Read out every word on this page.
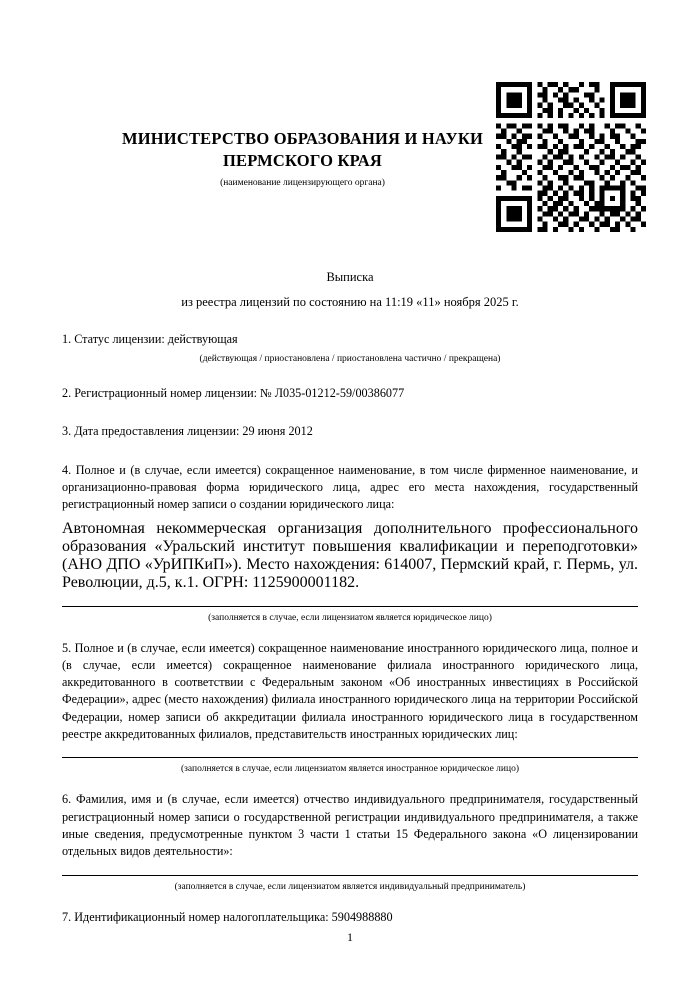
МИНИСТЕРСТВО ОБРАЗОВАНИЯ И НАУКИ
ПЕРМСКОГО КРАЯ
(наименование лицензирующего органа)
Выписка
из реестра лицензий по состоянию на 11:19 «11» ноября 2025 г.
1. Статус лицензии: действующая
(действующая / приостановлена / приостановлена частично / прекращена)
2. Регистрационный номер лицензии: № Л035-01212-59/00386077
3. Дата предоставления лицензии: 29 июня 2012
4. Полное и (в случае, если имеется) сокращенное наименование, в том числе фирменное наименование, и организационно-правовая форма юридического лица, адрес его места нахождения, государственный регистрационный номер записи о создании юридического лица:

Автономная некоммерческая организация дополнительного профессионального образования «Уральский институт повышения квалификации и переподготовки» (АНО ДПО «УрИПКиП»). Место нахождения: 614007, Пермский край, г. Пермь, ул. Революции, д.5, к.1. ОГРН: 1125900001182.

(заполняется в случае, если лицензиатом является юридическое лицо)
5. Полное и (в случае, если имеется) сокращенное наименование иностранного юридического лица, полное и (в случае, если имеется) сокращенное наименование филиала иностранного юридического лица, аккредитованного в соответствии с Федеральным законом «Об иностранных инвестициях в Российской Федерации», адрес (место нахождения) филиала иностранного юридического лица на территории Российской Федерации, номер записи об аккредитации филиала иностранного юридического лица в государственном реестре аккредитованных филиалов, представительств иностранных юридических лиц:
(заполняется в случае, если лицензиатом является иностранное юридическое лицо)
6. Фамилия, имя и (в случае, если имеется) отчество индивидуального предпринимателя, государственный регистрационный номер записи о государственной регистрации индивидуального предпринимателя, а также иные сведения, предусмотренные пунктом 3 части 1 статьи 15 Федерального закона «О лицензировании отдельных видов деятельности»:
(заполняется в случае, если лицензиатом является индивидуальный предприниматель)
7. Идентификационный номер налогоплательщика: 5904988880
1
